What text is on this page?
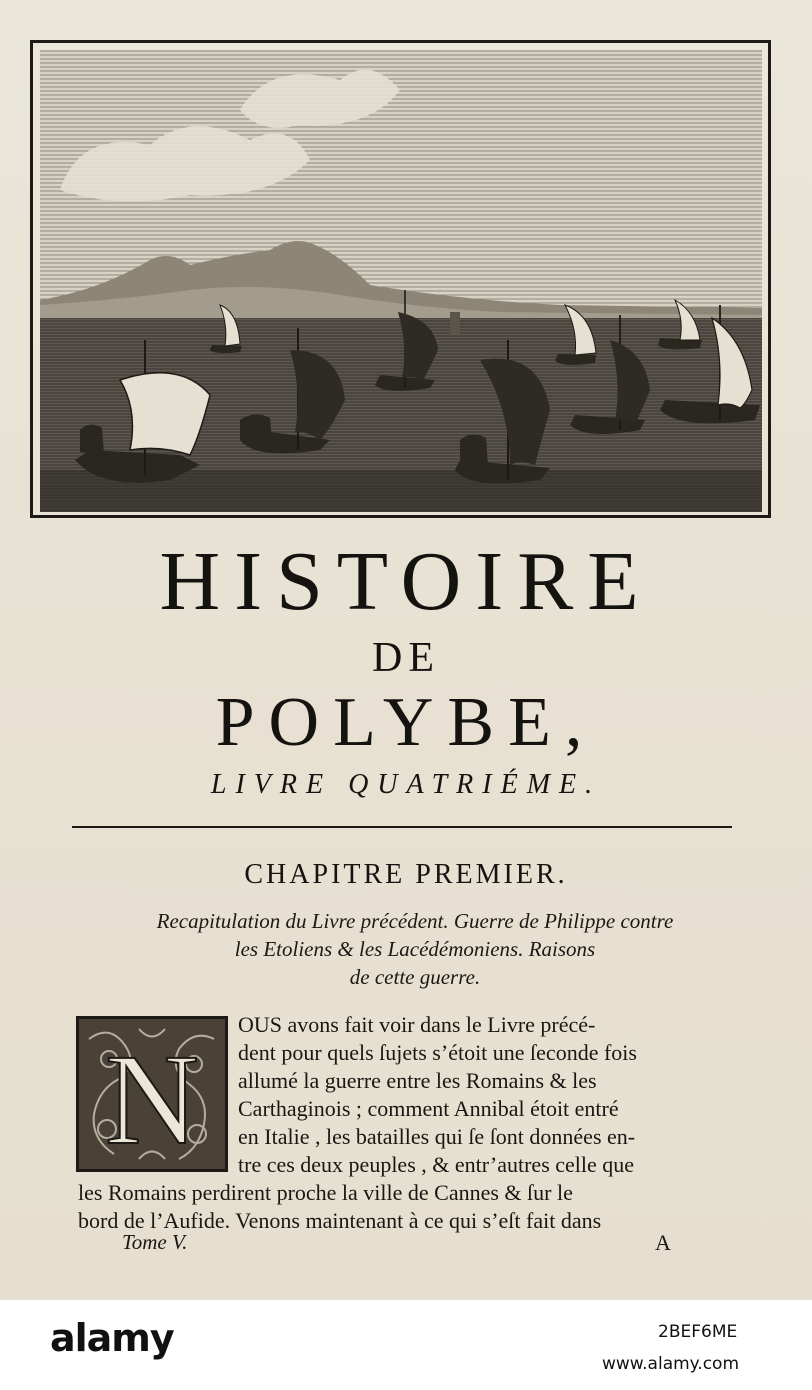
HISTOIRE
DE
POLYBE,
LIVRE QUATRIÉME.
CHAPITRE PREMIER.
Recapitulation du Livre précédent. Guerre de Philippe contre
les Etoliens & les Lacédémoniens. Raisons
de cette guerre.
N
OUS avons fait voir dans le Livre précé-
dent pour quels ſujets s’étoit une ſeconde fois
allumé la guerre entre les Romains & les
Carthaginois ; comment Annibal étoit entré
en Italie , les batailles qui ſe ſont données en-
tre ces deux peuples , & entr’autres celle que
les Romains perdirent proche la ville de Cannes & ſur le
bord de l’Aufide. Venons maintenant à ce qui s’eſt fait dans
Tome V.	A
alamy	2BEF6ME
www.alamy.com
